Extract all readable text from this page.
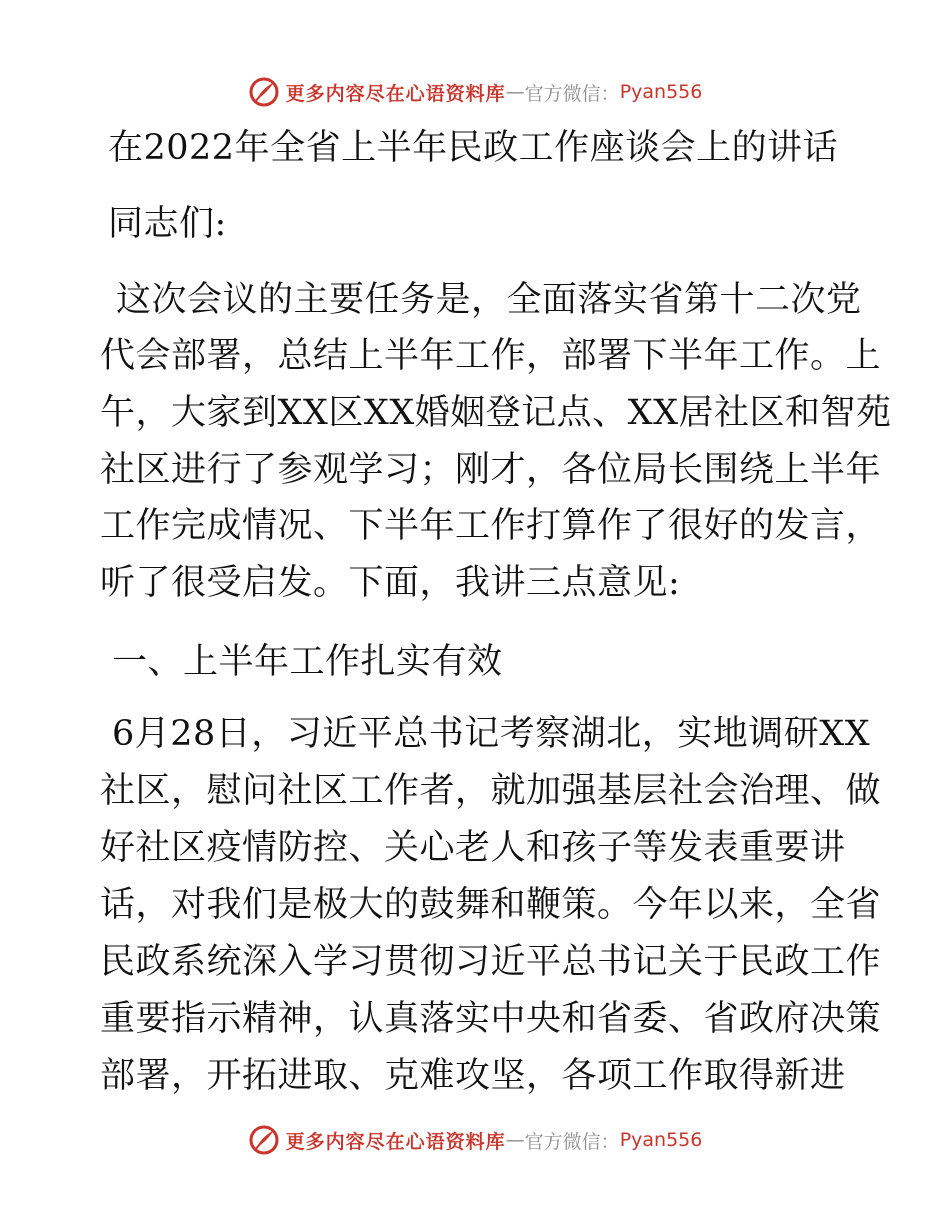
更多内容尽在心语资料库 — 官方微信： Pyan556
在2022年全省上半年民政工作座谈会上的讲话
同志们:
这次会议的主要任务是，全面落实省第十二次党
代会部署，总结上半年工作，部署下半年工作。上
午，大家到XX区XX婚姻登记点、XX居社区和智苑
社区进行了参观学习；刚才，各位局长围绕上半年
工作完成情况、下半年工作打算作了很好的发言，
听了很受启发。下面，我讲三点意见:
一、上半年工作扎实有效
6月28日，习近平总书记考察湖北，实地调研XX
社区，慰问社区工作者，就加强基层社会治理、做
好社区疫情防控、关心老人和孩子等发表重要讲
话，对我们是极大的鼓舞和鞭策。今年以来，全省
民政系统深入学习贯彻习近平总书记关于民政工作
重要指示精神，认真落实中央和省委、省政府决策
部署，开拓进取、克难攻坚，各项工作取得新进
更多内容尽在心语资料库 — 官方微信： Pyan556
